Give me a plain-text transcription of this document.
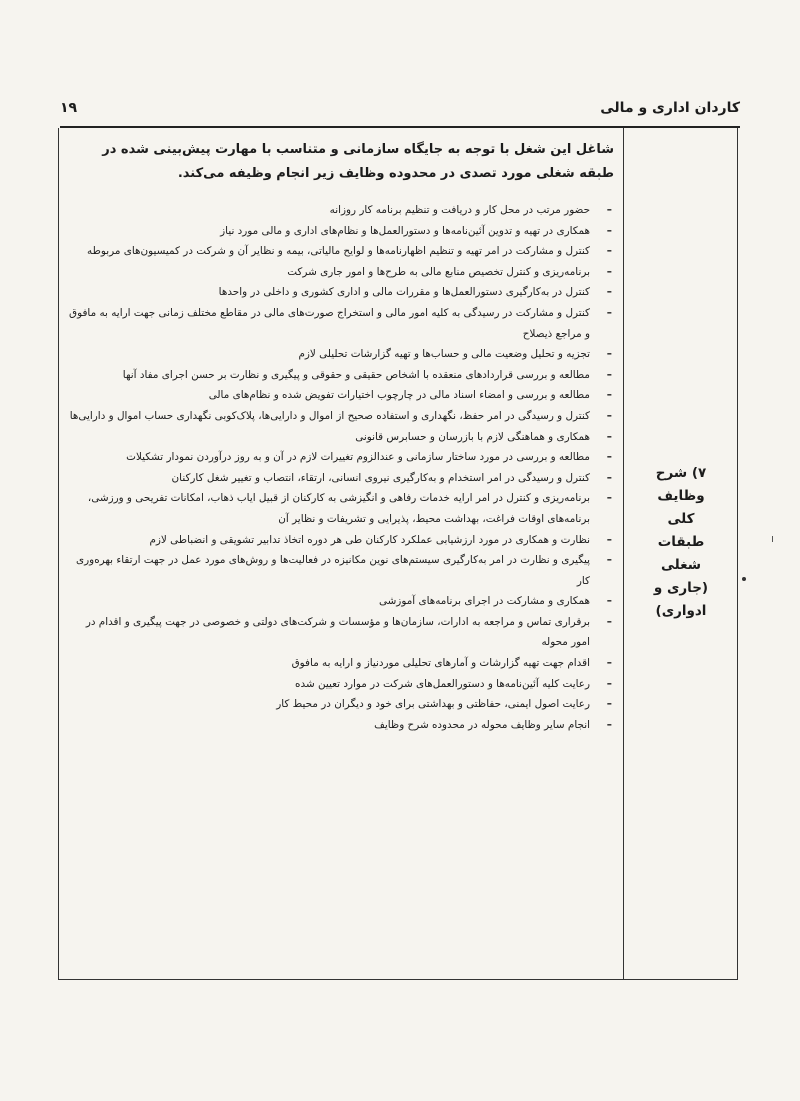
کاردان اداری و مالی
۱۹
۷) شرح
وظایف
کلی
طبقات
شغلی
(جاری و
ادواری)

شاغل این شغل با توجه به جایگاه سازمانی و متناسب با مهارت پیش‌بینی شده در طبقه شغلی مورد تصدی در محدوده وظایف زیر انجام وظیفه می‌کند.

–
حضور مرتب در محل کار و دریافت و تنظیم برنامه کار روزانه
–
همکاری در تهیه و تدوین آئین‌نامه‌ها و دستورالعمل‌ها و نظام‌های اداری و مالی مورد نیاز
–
کنترل و مشارکت در امر تهیه و تنظیم اظهارنامه‌ها و لوایح مالیاتی، بیمه و نظایر آن و شرکت در کمیسیون‌های مربوطه
–
برنامه‌ریزی و کنترل تخصیص منابع مالی به طرح‌ها و امور جاری شرکت
–
کنترل در به‌کارگیری دستورالعمل‌ها و مقررات مالی و اداری کشوری و داخلی در واحدها
–
کنترل و مشارکت در رسیدگی به کلیه امور مالی و استخراج صورت‌های مالی در مقاطع مختلف زمانی جهت ارایه به مافوق و مراجع ذیصلاح
–
تجزیه و تحلیل وضعیت مالی و حساب‌ها و تهیه گزارشات تحلیلی لازم
–
مطالعه و بررسی قراردادهای منعقده با اشخاص حقیقی و حقوقی و پیگیری و نظارت بر حسن اجرای مفاد آنها
–
مطالعه و بررسی و امضاء اسناد مالی در چارچوب اختیارات تفویض شده و نظام‌های مالی
–
کنترل و رسیدگی در امر حفظ، نگهداری و استفاده صحیح از اموال و دارایی‌ها، پلاک‌کوبی نگهداری حساب اموال و دارایی‌ها
–
همکاری و هماهنگی لازم با بازرسان و حسابرس قانونی
–
مطالعه و بررسی در مورد ساختار سازمانی و عندالزوم تغییرات لازم در آن و به روز درآوردن نمودار تشکیلات
–
کنترل و رسیدگی در امر استخدام و به‌کارگیری نیروی انسانی، ارتقاء، انتصاب و تغییر شغل کارکنان
–
برنامه‌ریزی و کنترل در امر ارایه خدمات رفاهی و انگیزشی به کارکنان از قبیل ایاب ذهاب، امکانات تفریحی و ورزشی، برنامه‌های اوقات فراغت، بهداشت محیط، پذیرایی و تشریفات و نظایر آن
–
نظارت و همکاری در مورد ارزشیابی عملکرد کارکنان طی هر دوره اتخاذ تدابیر تشویقی و انضباطی لازم
–
پیگیری و نظارت در امر به‌کارگیری سیستم‌های نوین مکانیزه در فعالیت‌ها و روش‌های مورد عمل در جهت ارتقاء بهره‌وری کار
–
همکاری و مشارکت در اجرای برنامه‌های آموزشی
–
برقراری تماس و مراجعه به ادارات، سازمان‌ها و مؤسسات و شرکت‌های دولتی و خصوصی در جهت پیگیری و اقدام در امور محوله
–
اقدام جهت تهیه گزارشات و آمارهای تحلیلی موردنیاز و ارایه به مافوق
–
رعایت کلیه آئین‌نامه‌ها و دستورالعمل‌های شرکت در موارد تعیین شده
–
رعایت اصول ایمنی، حفاظتی و بهداشتی برای خود و دیگران در محیط کار
–
انجام سایر وظایف محوله در محدوده شرح وظایف
